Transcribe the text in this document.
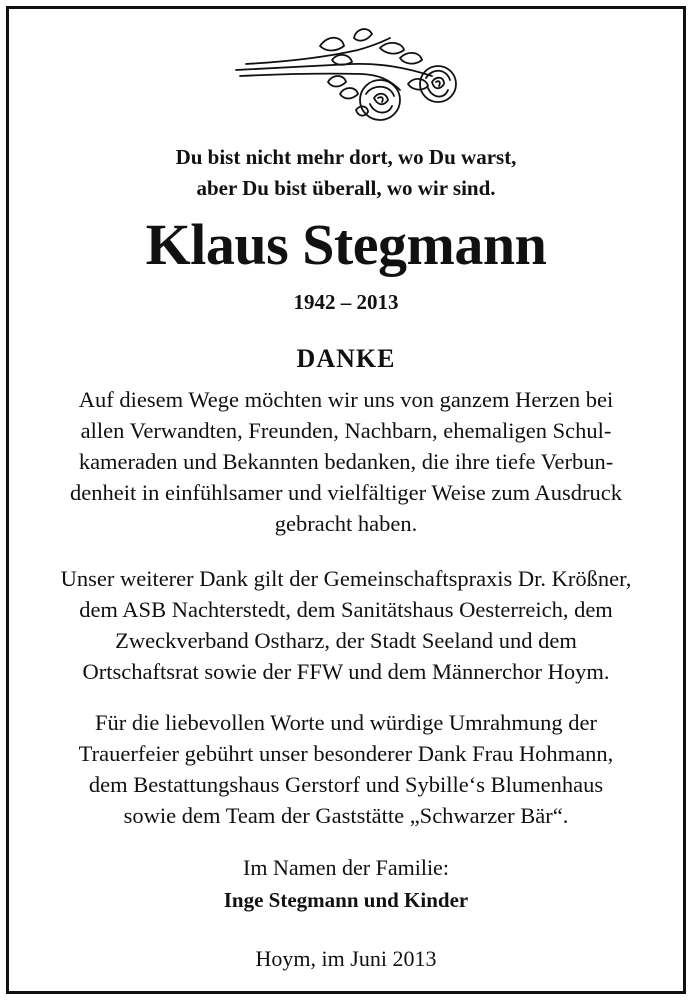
Du bist nicht mehr dort, wo Du warst,
aber Du bist überall, wo wir sind.
Klaus Stegmann
1942 – 2013
DANKE
Auf diesem Wege möchten wir uns von ganzem Herzen bei
allen Verwandten, Freunden, Nachbarn, ehemaligen Schul-
kameraden und Bekannten bedanken, die ihre tiefe Verbun-
denheit in einfühlsamer und vielfältiger Weise zum Ausdruck
gebracht haben.
Unser weiterer Dank gilt der Gemeinschaftspraxis Dr. Krößner,
dem ASB Nachterstedt, dem Sanitätshaus Oesterreich, dem
Zweckverband Ostharz, der Stadt Seeland und dem
Ortschaftsrat sowie der FFW und dem Männerchor Hoym.
Für die liebevollen Worte und würdige Umrahmung der
Trauerfeier gebührt unser besonderer Dank Frau Hohmann,
dem Bestattungshaus Gerstorf und Sybille‘s Blumenhaus
sowie dem Team der Gaststätte „Schwarzer Bär“.
Im Namen der Familie:
Inge Stegmann und Kinder
Hoym, im Juni 2013
